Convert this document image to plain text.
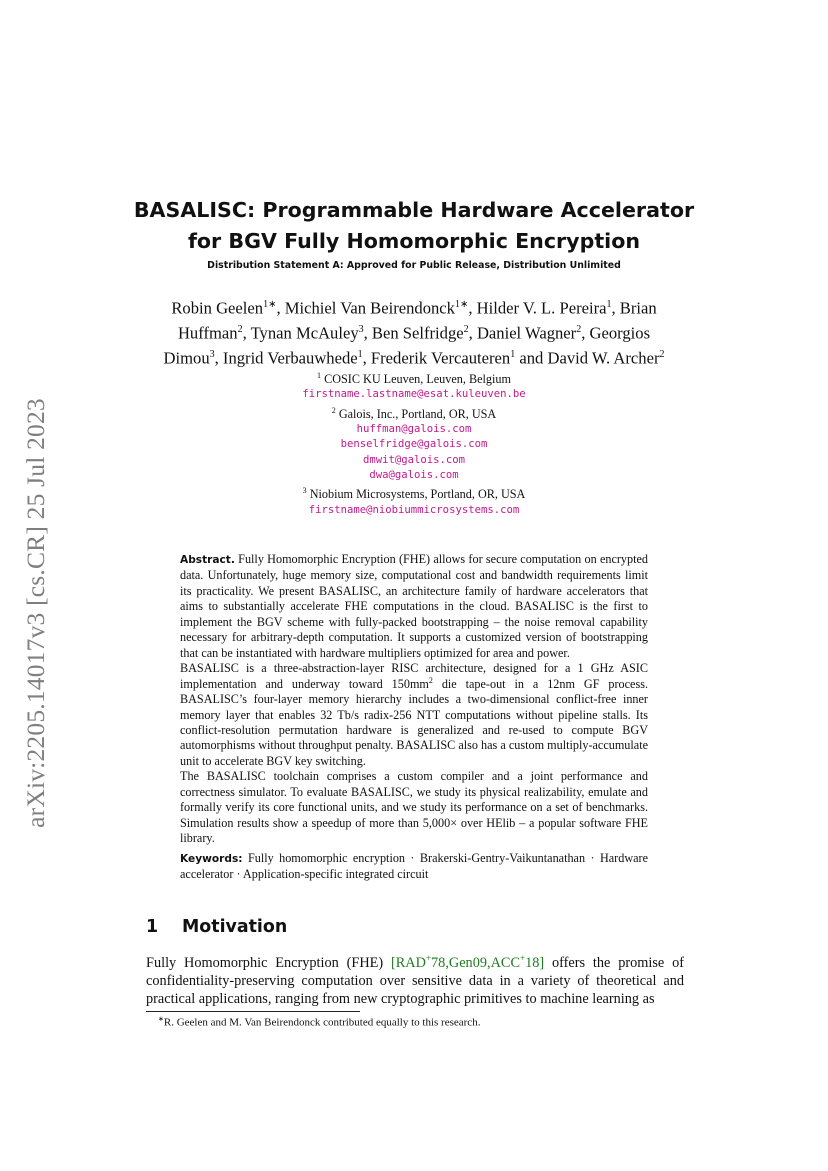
arXiv:2205.14017v3 [cs.CR] 25 Jul 2023
BASALISC: Programmable Hardware Accelerator
for BGV Fully Homomorphic Encryption
Distribution Statement A: Approved for Public Release, Distribution Unlimited
Robin Geelen$^{1∗}$, Michiel Van Beirendonck$^{1∗}$, Hilder V. L. Pereira$^1$, Brian Huffman$^2$, Tynan McAuley$^3$, Ben Selfridge$^2$, Daniel Wagner$^2$, Georgios Dimou$^3$, Ingrid Verbauwhede$^1$, Frederik Vercauteren$^1$ and David W. Archer$^2$
$^1$ COSIC KU Leuven, Leuven, Belgium
firstname.lastname@esat.kuleuven.be
$^2$ Galois, Inc., Portland, OR, USA
huffman@galois.com
benselfridge@galois.com
dmwit@galois.com
dwa@galois.com
$^3$ Niobium Microsystems, Portland, OR, USA
firstname@niobiummicrosystems.com

Abstract. Fully Homomorphic Encryption (FHE) allows for secure computation on encrypted data. Unfortunately, huge memory size, computational cost and bandwidth requirements limit its practicality. We present BASALISC, an architecture family of hardware accelerators that aims to substantially accelerate FHE computations in the cloud. BASALISC is the first to implement the BGV scheme with fully-packed bootstrapping – the noise removal capability necessary for arbitrary-depth computation. It supports a customized version of bootstrapping that can be instantiated with hardware multipliers optimized for area and power.

BASALISC is a three-abstraction-layer RISC architecture, designed for a 1 GHz ASIC implementation and underway toward $150mm^2$ die tape-out in a 12nm GF process. BASALISC’s four-layer memory hierarchy includes a two-dimensional conflict-free inner memory layer that enables 32 Tb/s radix-256 NTT computations without pipeline stalls. Its conflict-resolution permutation hardware is generalized and re-used to compute BGV automorphisms without throughput penalty. BASALISC also has a custom multiply-accumulate unit to accelerate BGV key switching.

The BASALISC toolchain comprises a custom compiler and a joint performance and correctness simulator. To evaluate BASALISC, we study its physical realizability, emulate and formally verify its core functional units, and we study its performance on a set of benchmarks. Simulation results show a speedup of more than 5,000× over HElib – a popular software FHE library.

Keywords: Fully homomorphic encryption · Brakerski-Gentry-Vaikuntanathan · Hardware accelerator · Application-specific integrated circuit

1 Motivation

Fully Homomorphic Encryption (FHE) [RAD+78,Gen09,ACC+18] offers the promise of confidentiality-preserving computation over sensitive data in a variety of theoretical and practical applications, ranging from new cryptographic primitives to machine learning as

∗R. Geelen and M. Van Beirendonck contributed equally to this research.
